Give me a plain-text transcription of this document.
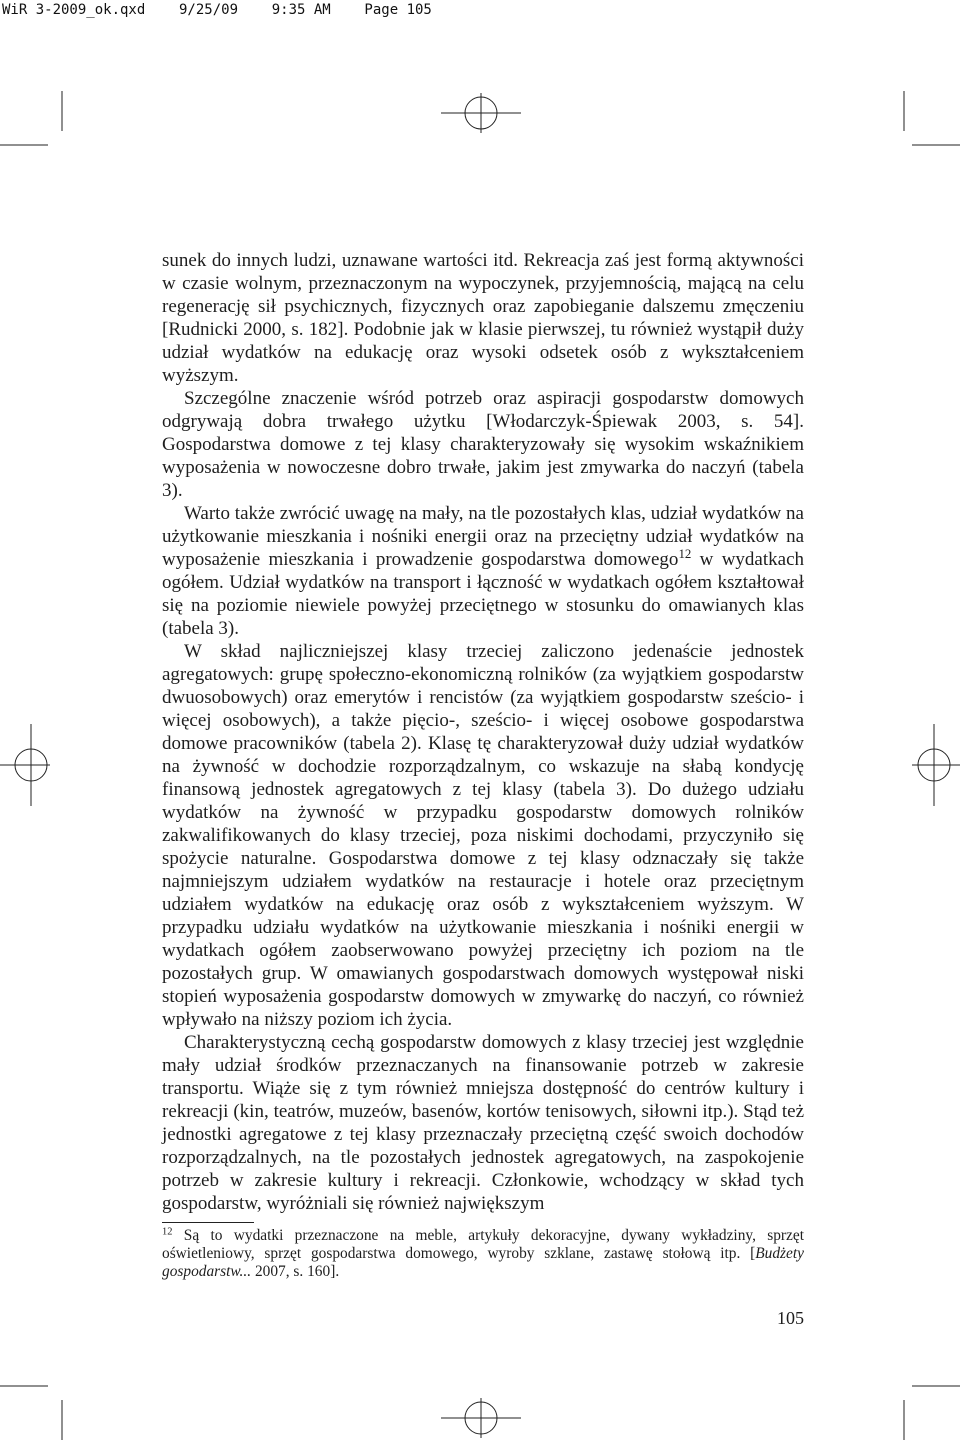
WiR 3-2009_ok.qxd    9/25/09    9:35 AM    Page 105

sunek do innych ludzi, uznawane wartości itd. Rekreacja zaś jest formą aktywności w czasie wolnym, przeznaczonym na wypoczynek, przyjemnością, mającą na celu regenerację sił psychicznych, fizycznych oraz zapobieganie dalszemu zmęczeniu [Rudnicki 2000, s. 182]. Podobnie jak w klasie pierwszej, tu również wystąpił duży udział wydatków na edukację oraz wysoki odsetek osób z wykształceniem wyższym.

Szczególne znaczenie wśród potrzeb oraz aspiracji gospodarstw domowych odgrywają dobra trwałego użytku [Włodarczyk-Śpiewak 2003, s. 54]. Gospodarstwa domowe z tej klasy charakteryzowały się wysokim wskaźnikiem wyposażenia w nowoczesne dobro trwałe, jakim jest zmywarka do naczyń (tabela 3).

Warto także zwrócić uwagę na mały, na tle pozostałych klas, udział wydatków na użytkowanie mieszkania i nośniki energii oraz na przeciętny udział wydatków na wyposażenie mieszkania i prowadzenie gospodarstwa domowego$^{12}$ w wydatkach ogółem. Udział wydatków na transport i łączność w wydatkach ogółem kształtował się na poziomie niewiele powyżej przeciętnego w stosunku do omawianych klas (tabela 3).

W skład najliczniejszej klasy trzeciej zaliczono jedenaście jednostek agregatowych: grupę społeczno-ekonomiczną rolników (za wyjątkiem gospodarstw dwuosobowych) oraz emerytów i rencistów (za wyjątkiem gospodarstw sześcio- i więcej osobowych), a także pięcio-, sześcio- i więcej osobowe gospodarstwa domowe pracowników (tabela 2). Klasę tę charakteryzował duży udział wydatków na żywność w dochodzie rozporządzalnym, co wskazuje na słabą kondycję finansową jednostek agregatowych z tej klasy (tabela 3). Do dużego udziału wydatków na żywność w przypadku gospodarstw domowych rolników zakwalifikowanych do klasy trzeciej, poza niskimi dochodami, przyczyniło się spożycie naturalne. Gospodarstwa domowe z tej klasy odznaczały się także najmniejszym udziałem wydatków na restauracje i hotele oraz przeciętnym udziałem wydatków na edukację oraz osób z wykształceniem wyższym. W przypadku udziału wydatków na użytkowanie mieszkania i nośniki energii w wydatkach ogółem zaobserwowano powyżej przeciętny ich poziom na tle pozostałych grup. W omawianych gospodarstwach domowych występował niski stopień wyposażenia gospodarstw domowych w zmywarkę do naczyń, co również wpływało na niższy poziom ich życia.

Charakterystyczną cechą gospodarstw domowych z klasy trzeciej jest względnie mały udział środków przeznaczanych na finansowanie potrzeb w zakresie transportu. Wiąże się z tym również mniejsza dostępność do centrów kultury i rekreacji (kin, teatrów, muzeów, basenów, kortów tenisowych, siłowni itp.). Stąd też jednostki agregatowe z tej klasy przeznaczały przeciętną część swoich dochodów rozporządzalnych, na tle pozostałych jednostek agregatowych, na zaspokojenie potrzeb w zakresie kultury i rekreacji. Członkowie, wchodzący w skład tych gospodarstw, wyróżniali się również największym

$^{12}$ Są to wydatki przeznaczone na meble, artykuły dekoracyjne, dywany wykładziny, sprzęt oświetleniowy, sprzęt gospodarstwa domowego, wyroby szklane, zastawę stołową itp. [Budżety gospodarstw... 2007, s. 160].
105
